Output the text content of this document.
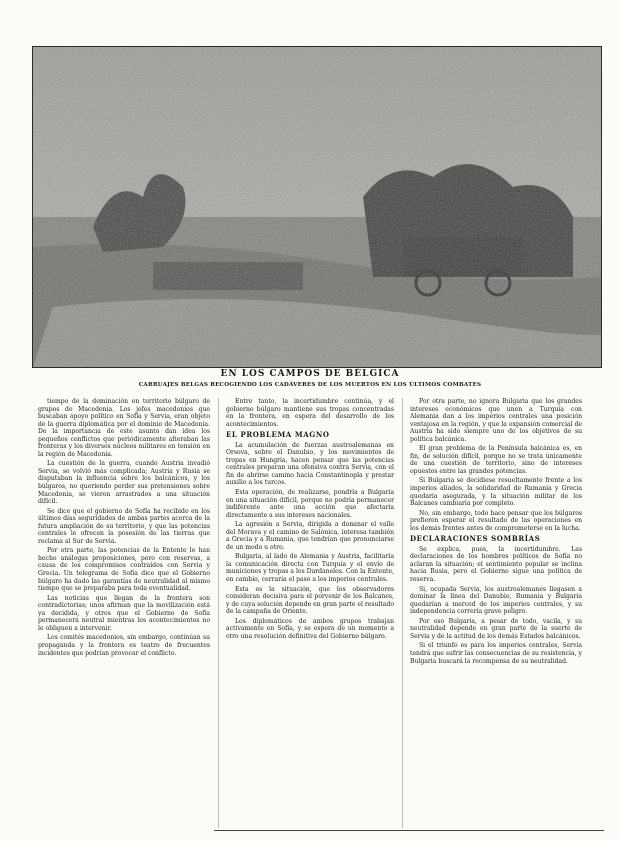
EN LOS CAMPOS DE BÉLGICA
CARRUAJES BELGAS RECOGIENDO LOS CADÁVERES DE LOS MUERTOS EN LOS ÚLTIMOS COMBATES

tiempo de la dominación en territorio búlgaro de grupos de Macedonia. Los jefes macedonios que buscaban apoyo político en Sofía y Servia, eran objeto de la guerra diplomática por el dominio de Macedonia. De la importancia de este asunto dan idea los pequeños conflictos que periódicamente alteraban las fronteras y los diversos núcleos militares en tensión en la región de Macedonia.

La cuestión de la guerra, cuando Austria invadió Servia, se volvió más complicada; Austria y Rusia se disputaban la influencia sobre los balcánicos, y los búlgaros, no queriendo perder sus pretensiones sobre Macedonia, se vieron arrastrados a una situación difícil.

Se dice que el gobierno de Sofía ha recibido en los últimos días seguridades de ambas partes acerca de la futura ampliación de su territorio, y que las potencias centrales le ofrecen la posesión de las tierras que reclama al Sur de Servia.

Por otra parte, las potencias de la Entente le han hecho análogas proposiciones, pero con reservas, a causa de los compromisos contraídos con Servia y Grecia. Un telegrama de Sofía dice que el Gobierno búlgaro ha dado las garantías de neutralidad al mismo tiempo que se preparaba para toda eventualidad.

Las noticias que llegan de la frontera son contradictorias; unos afirman que la movilización está ya decidida, y otros que el Gobierno de Sofía permanecerá neutral mientras los acontecimientos no le obliguen a intervenir.

Los comités macedonios, sin embargo, continúan su propaganda y la frontera es teatro de frecuentes incidentes que podrían provocar el conflicto.

Entre tanto, la incertidumbre continúa, y el gobierno búlgaro mantiene sus tropas concentradas en la frontera, en espera del desarrollo de los acontecimientos.

EL PROBLEMA MAGNO

La acumulación de fuerzas austroalemanas en Orsova, sobre el Danubio, y los movimientos de tropas en Hungría, hacen pensar que las potencias centrales preparan una ofensiva contra Servia, con el fin de abrirse camino hacia Constantinopla y prestar auxilio a los turcos.

Esta operación, de realizarse, pondría a Bulgaria en una situación difícil, porque no podría permanecer indiferente ante una acción que afectaría directamente a sus intereses nacionales.

La agresión a Servia, dirigida a dominar el valle del Morava y el camino de Salónica, interesa también a Grecia y a Rumania, que tendrían que pronunciarse de un modo u otro.

Bulgaria, al lado de Alemania y Austria, facilitaría la comunicación directa con Turquía y el envío de municiones y tropas a los Dardanelos. Con la Entente, en cambio, cerraría el paso a los imperios centrales.

Esta es la situación, que los observadores consideran decisiva para el porvenir de los Balcanes, y de cuya solución depende en gran parte el resultado de la campaña de Oriente.

Los diplomáticos de ambos grupos trabajan activamente en Sofía, y se espera de un momento a otro una resolución definitiva del Gobierno búlgaro.

Por otra parte, no ignora Bulgaria que los grandes intereses económicos que unen a Turquía con Alemania dan a los imperios centrales una posición ventajosa en la región, y que la expansión comercial de Austria ha sido siempre uno de los objetivos de su política balcánica.

El gran problema de la Península balcánica es, en fin, de solución difícil, porque no se trata únicamente de una cuestión de territorio, sino de intereses opuestos entre las grandes potencias.

Si Bulgaria se decidiese resueltamente frente a los imperios aliados, la solidaridad de Rumania y Grecia quedaría asegurada, y la situación militar de los Balcanes cambiaría por completo.

No, sin embargo, todo hace pensar que los búlgaros prefieren esperar el resultado de las operaciones en los demás frentes antes de comprometerse en la lucha.

DECLARACIONES SOMBRÍAS

Se explica, pues, la incertidumbre. Las declaraciones de los hombres políticos de Sofía no aclaran la situación; el sentimiento popular se inclina hacia Rusia, pero el Gobierno sigue una política de reserva.

Si, ocupada Servia, los austroalemanes llegasen a dominar la línea del Danubio, Rumania y Bulgaria quedarían a merced de los imperios centrales, y su independencia correría grave peligro.

Por eso Bulgaria, a pesar de todo, vacila, y su neutralidad depende en gran parte de la suerte de Servia y de la actitud de los demás Estados balcánicos.

Si el triunfo es para los imperios centrales, Servia tendrá que sufrir las consecuencias de su resistencia, y Bulgaria buscará la recompensa de su neutralidad.
